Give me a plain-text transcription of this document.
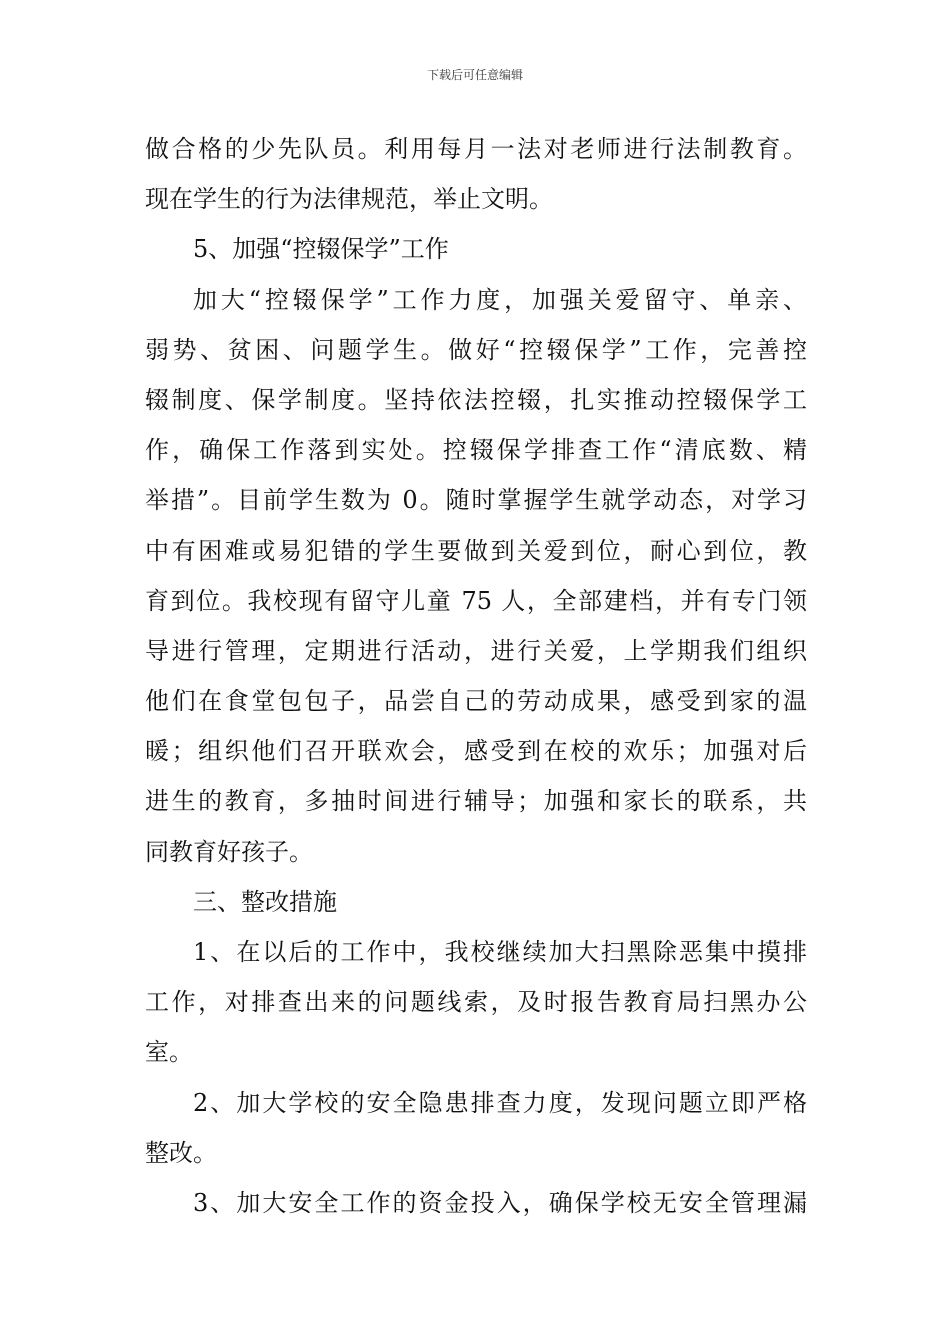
下载后可任意编辑
做合格的少先队员。利用每月一法对老师进行法制教育。
现在学生的行为法律规范，举止文明。
5、加强“控辍保学”工作
加大“控辍保学”工作力度，加强关爱留守、单亲、
弱势、贫困、问题学生。做好“控辍保学”工作，完善控
辍制度、保学制度。坚持依法控辍，扎实推动控辍保学工
作，确保工作落到实处。控辍保学排查工作“清底数、精
举措”。目前学生数为 0。随时掌握学生就学动态，对学习
中有困难或易犯错的学生要做到关爱到位，耐心到位，教
育到位。我校现有留守儿童 75 人，全部建档，并有专门领
导进行管理，定期进行活动，进行关爱，上学期我们组织
他们在食堂包包子，品尝自己的劳动成果，感受到家的温
暖；组织他们召开联欢会，感受到在校的欢乐；加强对后
进生的教育，多抽时间进行辅导；加强和家长的联系，共
同教育好孩子。
三、整改措施
1、在以后的工作中，我校继续加大扫黑除恶集中摸排
工作，对排查出来的问题线索，及时报告教育局扫黑办公
室。
2、加大学校的安全隐患排查力度，发现问题立即严格
整改。
3、加大安全工作的资金投入，确保学校无安全管理漏
